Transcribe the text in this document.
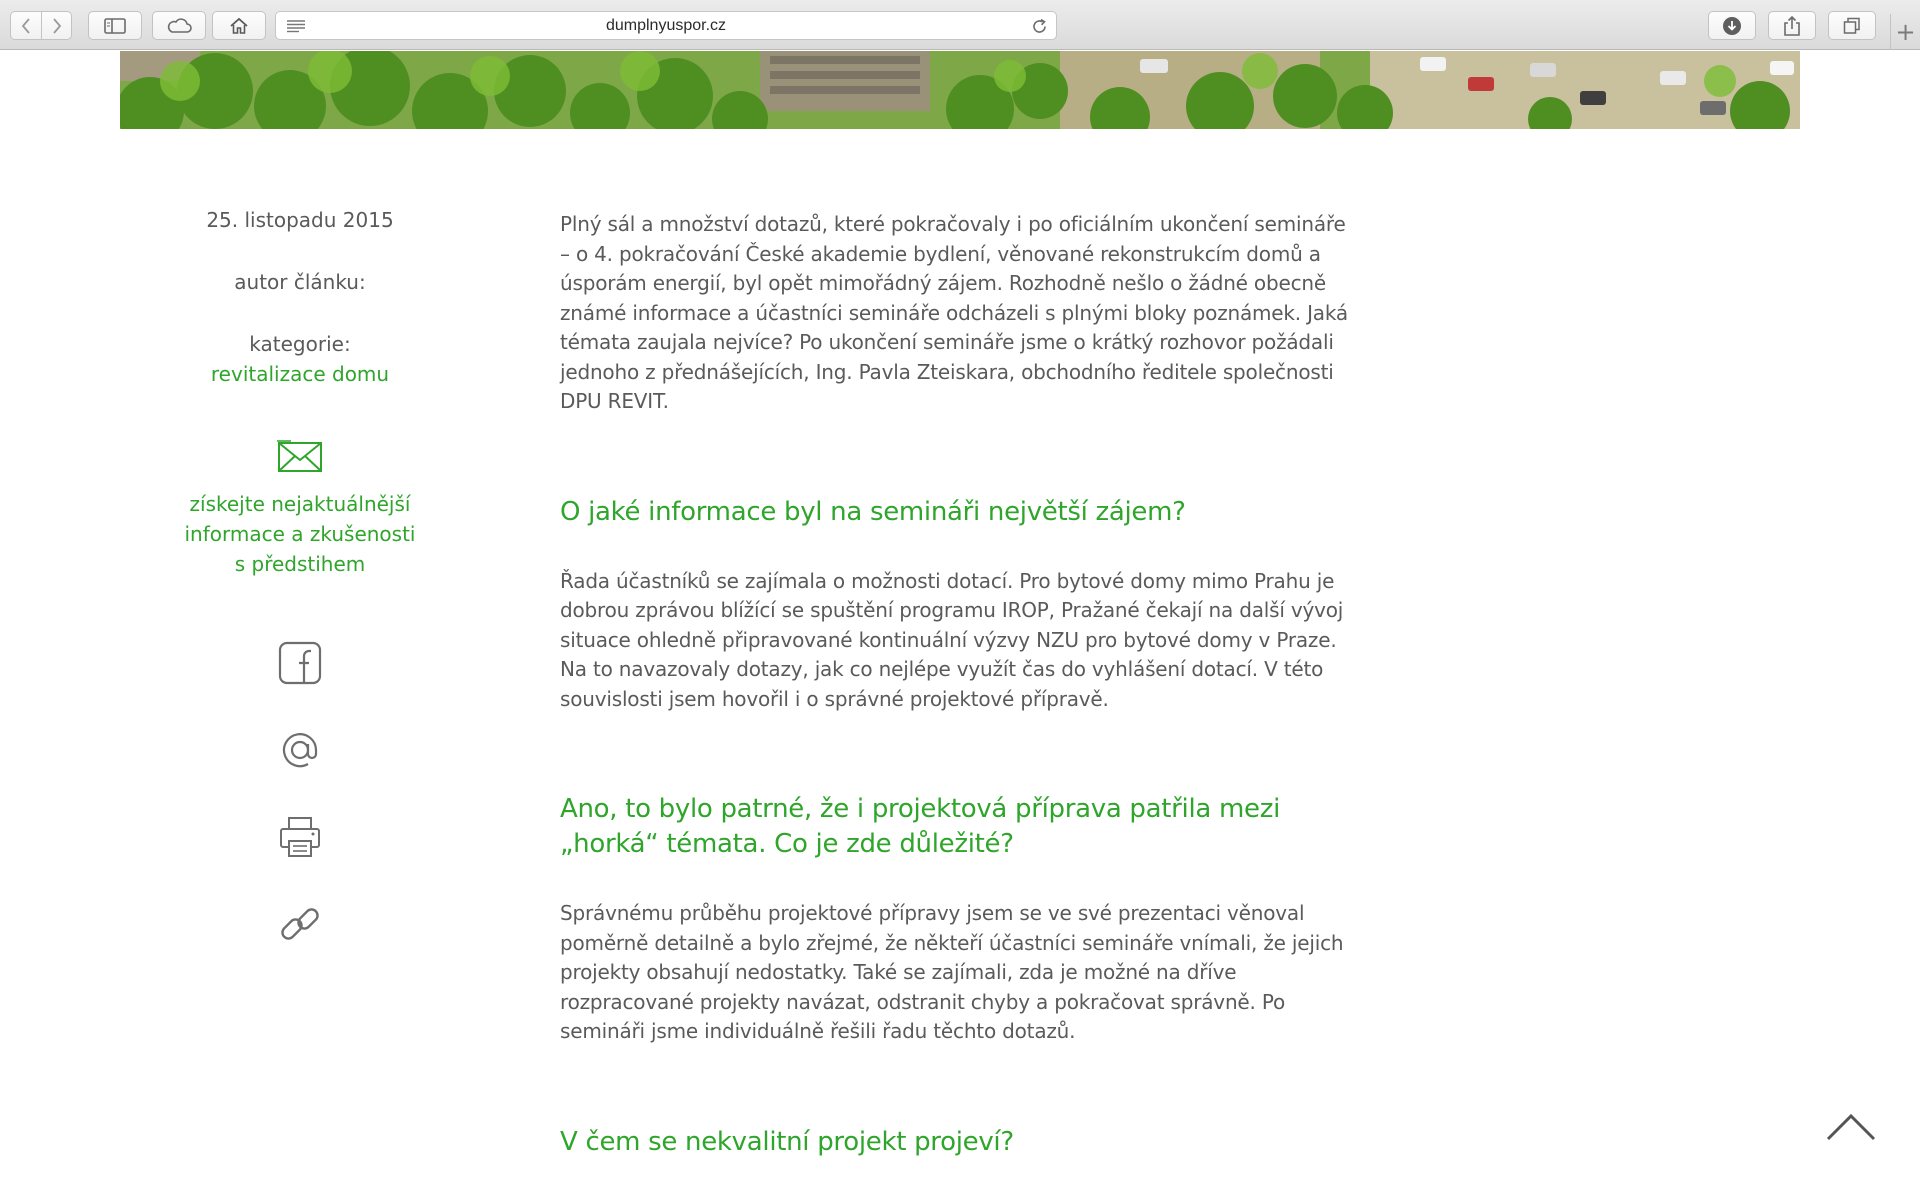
dumplnyuspor.cz	+
25. listopadu 2015
autor článku:
kategorie:
revitalizace domu
získejte nejaktuálnější
informace a zkušenosti
s předstihem

Plný sál a množství dotazů, které pokračovaly i po oficiálním ukončení semináře – o 4. pokračování České akademie bydlení, věnované rekonstrukcím domů a úsporám energií, byl opět mimořádný zájem. Rozhodně nešlo o žádné obecně známé informace a účastníci semináře odcházeli s plnými bloky poznámek. Jaká témata zaujala nejvíce? Po ukončení semináře jsme o krátký rozhovor požádali jednoho z přednášejících, Ing. Pavla Zteiskara, obchodního ředitele společnosti DPU REVIT.

O jaké informace byl na semináři největší zájem?

Řada účastníků se zajímala o možnosti dotací. Pro bytové domy mimo Prahu je dobrou zprávou blížící se spuštění programu IROP, Pražané čekají na další vývoj situace ohledně připravované kontinuální výzvy NZU pro bytové domy v Praze. Na to navazovaly dotazy, jak co nejlépe využít čas do vyhlášení dotací. V této souvislosti jsem hovořil i o správné projektové přípravě.

Ano, to bylo patrné, že i projektová příprava patřila mezi „horká“ témata. Co je zde důležité?

Správnému průběhu projektové přípravy jsem se ve své prezentaci věnoval poměrně detailně a bylo zřejmé, že někteří účastníci semináře vnímali, že jejich projekty obsahují nedostatky. Také se zajímali, zda je možné na dříve rozpracované projekty navázat, odstranit chyby a pokračovat správně. Po semináři jsme individuálně řešili řadu těchto dotazů.

V čem se nekvalitní projekt projeví?
